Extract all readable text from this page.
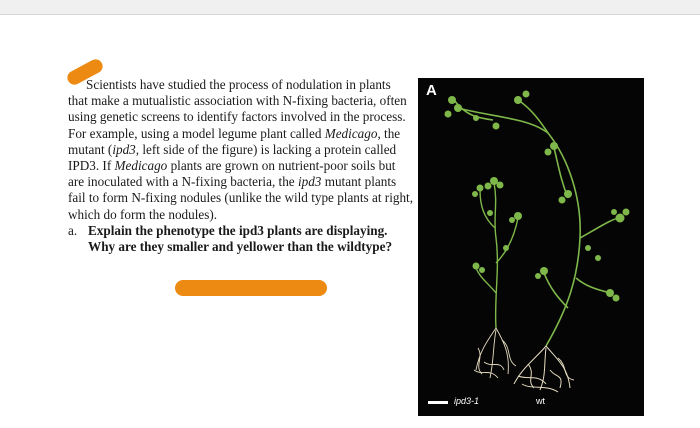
Scientists have studied the process of nodulation in plants that make a mutualistic association with N-fixing bacteria, often using genetic screens to identify factors involved in the process. For example, using a model legume plant called Medicago, the mutant (ipd3, left side of the figure) is lacking a protein called IPD3. If Medicago plants are grown on nutrient-poor soils but are inoculated with a N-fixing bacteria, the ipd3 mutant plants fail to form N-fixing nodules (unlike the wild type plants at right, which do form the nodules).

a. Explain the phenotype the ipd3 plants are displaying. Why are they smaller and yellower than the wildtype?
A
ipd3-1	wt
